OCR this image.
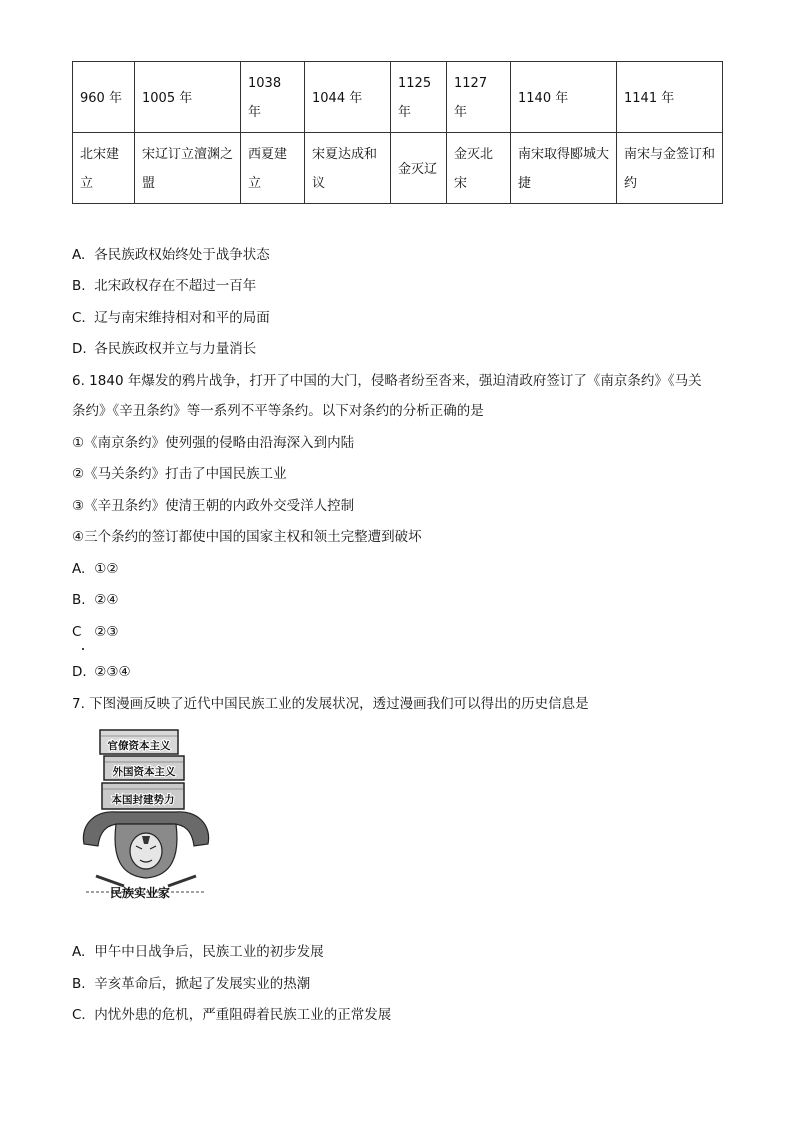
960 年	1005 年	1038 年	1044 年	1125 年	1127 年	1140 年	1141 年
北宋建立	宋辽订立澶渊之盟	西夏建立	宋夏达成和议	金灭辽	金灭北宋	南宋取得郾城大捷	南宋与金签订和约
A. 各民族政权始终处于战争状态
B. 北宋政权存在不超过一百年
C. 辽与南宋维持相对和平的局面
D. 各民族政权并立与力量消长
6. 1840 年爆发的鸦片战争，打开了中国的大门，侵略者纷至沓来，强迫清政府签订了《南京条约》《马关
条约》《辛丑条约》等一系列不平等条约。以下对条约的分析正确的是
①《南京条约》使列强的侵略由沿海深入到内陆
②《马关条约》打击了中国民族工业
③《辛丑条约》使清王朝的内政外交受洋人控制
④三个条约的签订都使中国的国家主权和领土完整遭到破坏
A. ①②
B. ②④
C ②③
D. ②③④
7. 下图漫画反映了近代中国民族工业的发展状况，透过漫画我们可以得出的历史信息是
官僚资本主义
外国资本主义
本国封建势力
民族实业家
A. 甲午中日战争后，民族工业的初步发展
B. 辛亥革命后，掀起了发展实业的热潮
C. 内忧外患的危机，严重阻碍着民族工业的正常发展
